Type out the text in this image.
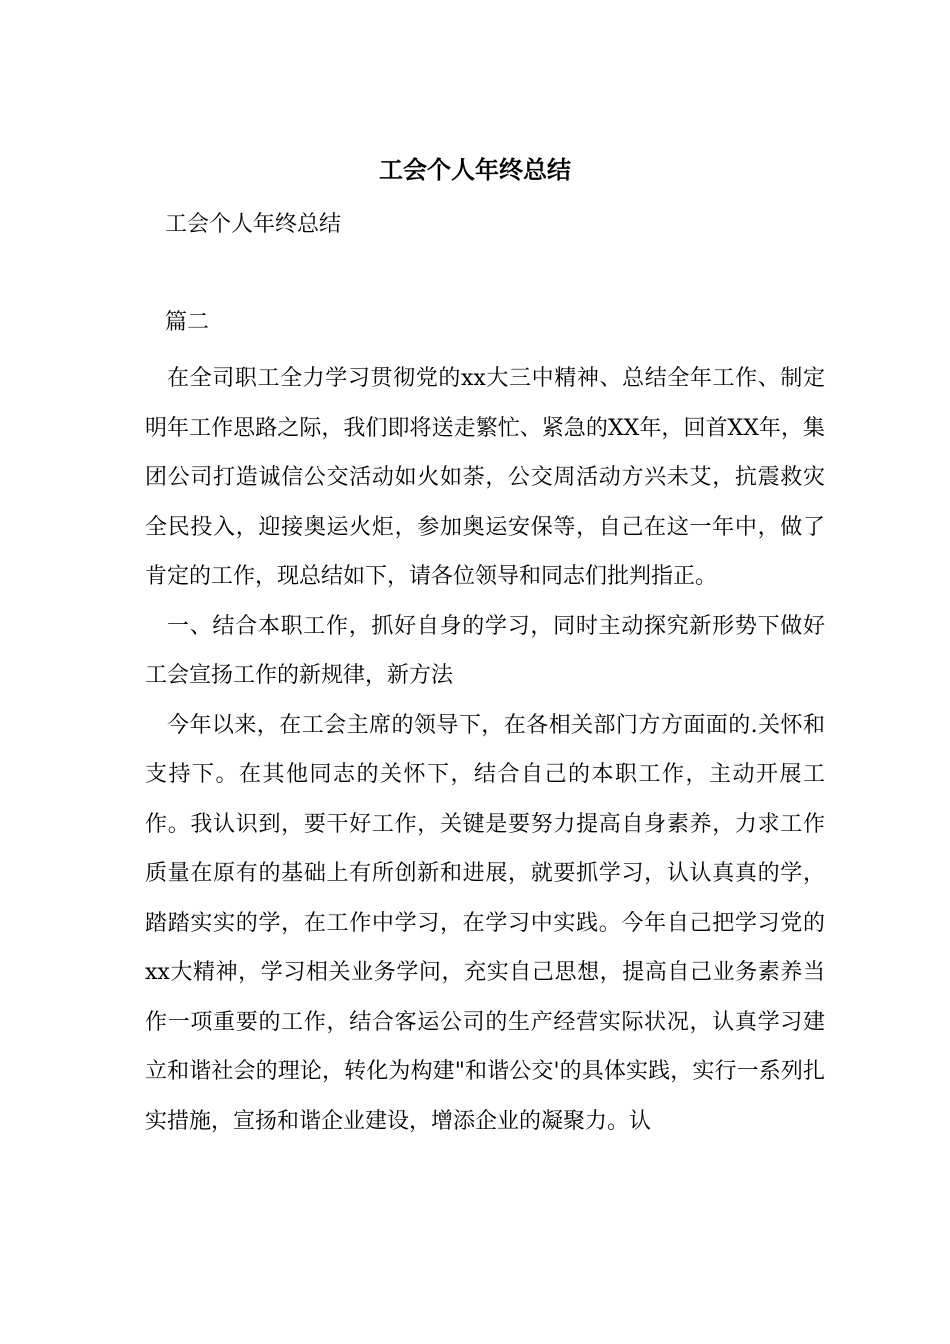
工会个人年终总结

工会个人年终总结

篇二

在全司职工全力学习贯彻党的xx大三中精神、总结全年工作、制定明年工作思路之际，我们即将送走繁忙、紧急的XX年，回首XX年，集团公司打造诚信公交活动如火如荼，公交周活动方兴未艾，抗震救灾全民投入，迎接奥运火炬，参加奥运安保等，自己在这一年中，做了肯定的工作，现总结如下，请各位领导和同志们批判指正。

一、结合本职工作，抓好自身的学习，同时主动探究新形势下做好工会宣扬工作的新规律，新方法

今年以来，在工会主席的领导下，在各相关部门方方面面的.关怀和支持下。在其他同志的关怀下，结合自己的本职工作，主动开展工作。我认识到，要干好工作，关键是要努力提高自身素养，力求工作质量在原有的基础上有所创新和进展，就要抓学习，认认真真的学，踏踏实实的学，在工作中学习，在学习中实践。今年自己把学习党的xx大精神，学习相关业务学问，充实自己思想，提高自己业务素养当作一项重要的工作，结合客运公司的生产经营实际状况，认真学习建立和谐社会的理论，转化为构建"和谐公交'的具体实践，实行一系列扎实措施，宣扬和谐企业建设，增添企业的凝聚力。认
